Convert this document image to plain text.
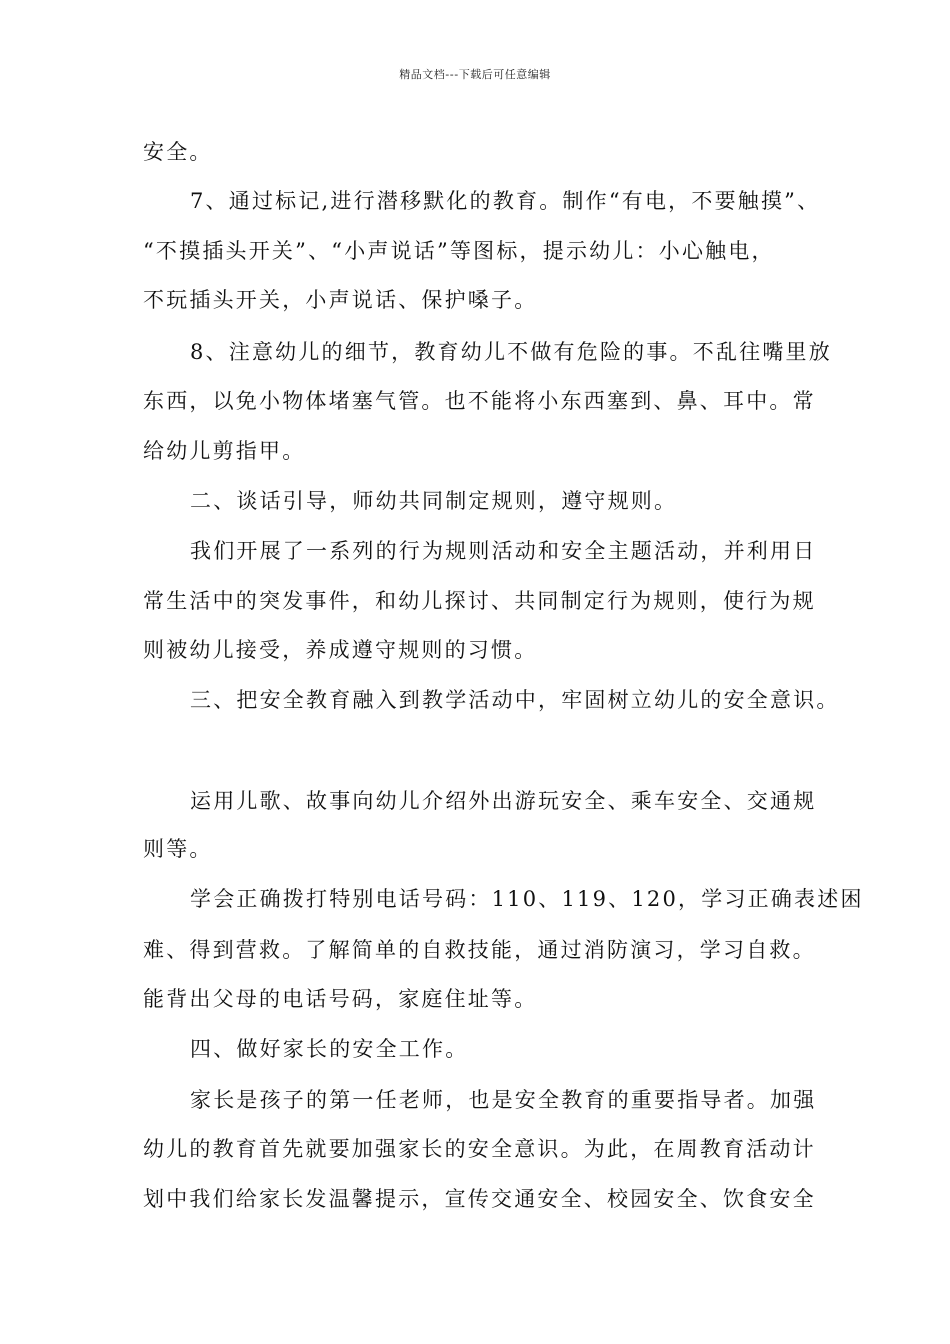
精品文档---下载后可任意编辑
安全。
7、通过标记,进行潜移默化的教育。制作“有电，不要触摸”、
“不摸插头开关”、“小声说话”等图标，提示幼儿：小心触电，
不玩插头开关，小声说话、保护嗓子。
8、注意幼儿的细节，教育幼儿不做有危险的事。不乱往嘴里放
东西，以免小物体堵塞气管。也不能将小东西塞到、鼻、耳中。常
给幼儿剪指甲。
二、谈话引导，师幼共同制定规则，遵守规则。
我们开展了一系列的行为规则活动和安全主题活动，并利用日
常生活中的突发事件，和幼儿探讨、共同制定行为规则，使行为规
则被幼儿接受，养成遵守规则的习惯。
三、把安全教育融入到教学活动中，牢固树立幼儿的安全意识。
运用儿歌、故事向幼儿介绍外出游玩安全、乘车安全、交通规
则等。
学会正确拨打特别电话号码：110、119、120，学习正确表述困
难、得到营救。了解简单的自救技能，通过消防演习，学习自救。
能背出父母的电话号码，家庭住址等。
四、做好家长的安全工作。
家长是孩子的第一任老师，也是安全教育的重要指导者。加强
幼儿的教育首先就要加强家长的安全意识。为此，在周教育活动计
划中我们给家长发温馨提示，宣传交通安全、校园安全、饮食安全
